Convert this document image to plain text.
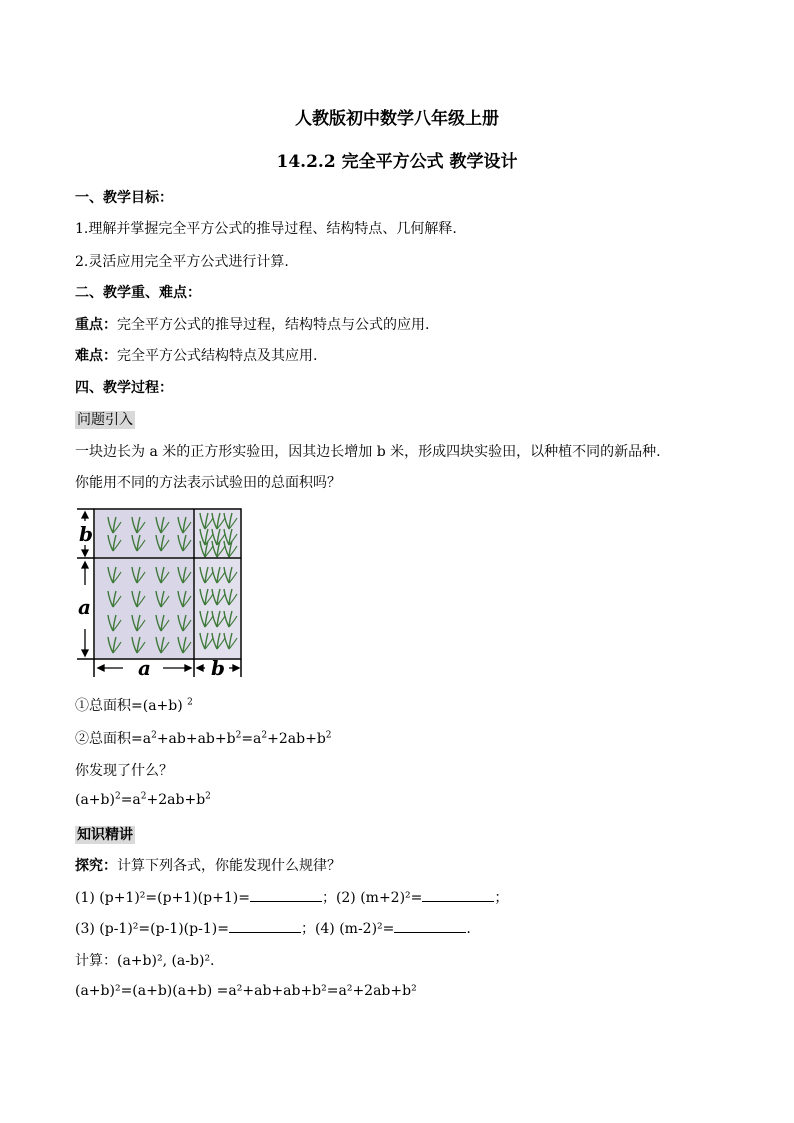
人教版初中数学八年级上册
14.2.2 完全平方公式 教学设计
一、教学目标：
1.理解并掌握完全平方公式的推导过程、结构特点、几何解释.
2.灵活应用完全平方公式进行计算.
二、教学重、难点：
重点：完全平方公式的推导过程，结构特点与公式的应用.
难点：完全平方公式结构特点及其应用.
四、教学过程：
问题引入
一块边长为 a 米的正方形实验田，因其边长增加 b 米，形成四块实验田，以种植不同的新品种.
你能用不同的方法表示试验田的总面积吗？
b
a
a	b
①总面积=(a+b) $^2$
②总面积$=a^2+ab+ab+b^2=a^2+2ab+b^2$
你发现了什么？
$(a+b)^2=a^2+2ab+b^2$
知识精讲
探究：计算下列各式，你能发现什么规律？
(1) (p+1)²=(p+1)(p+1)=	；(2) (m+2)²=	；
(3) (p-1)²=(p-1)(p-1)=	；(4) (m-2)²=	.
计算：(a+b)², (a-b)².
(a+b)²=(a+b)(a+b) =a²+ab+ab+b²=a²+2ab+b²
